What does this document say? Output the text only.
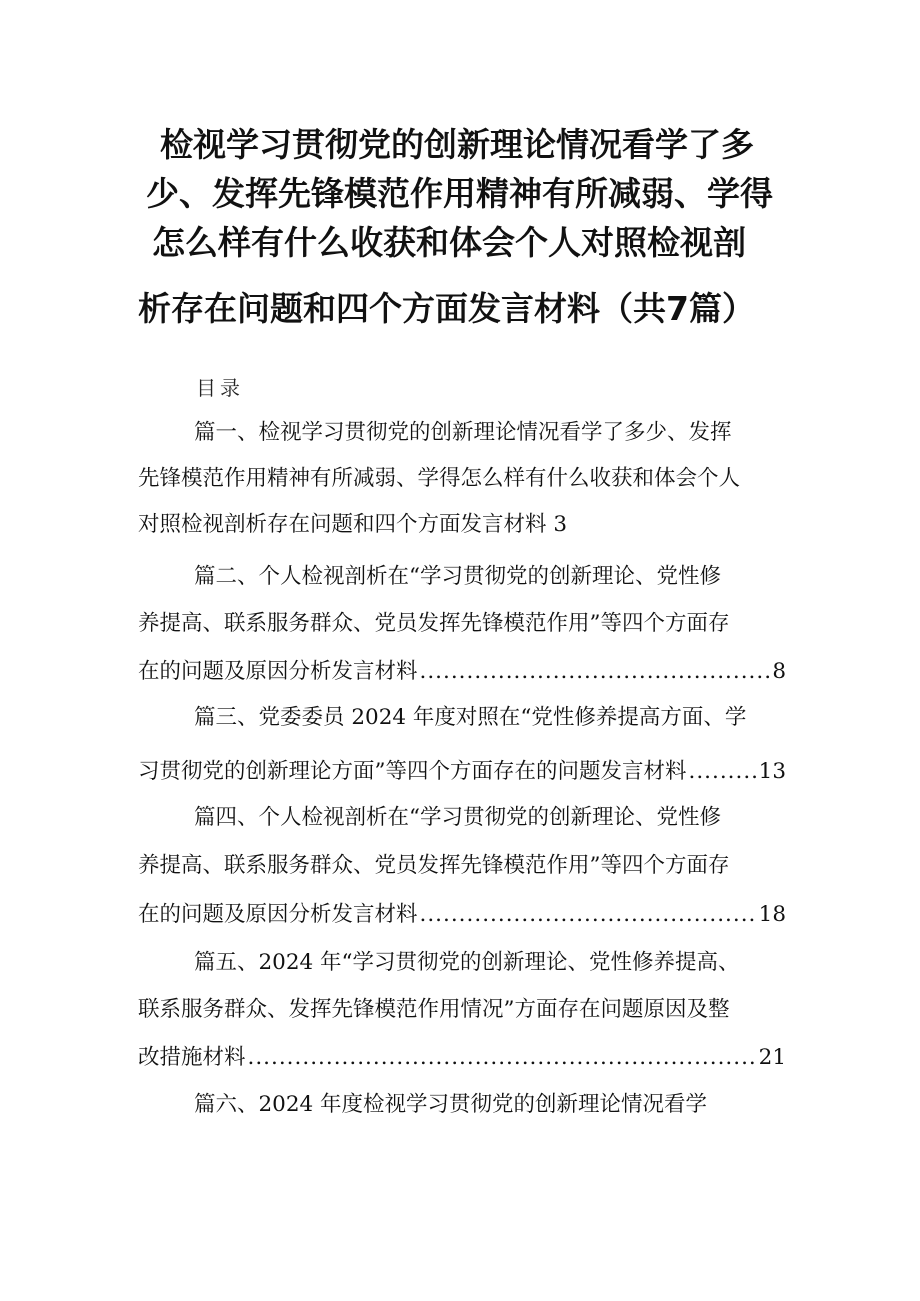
检视学习贯彻党的创新理论情况看学了多
少、发挥先锋模范作用精神有所减弱、学得
怎么样有什么收获和体会个人对照检视剖
析存在问题和四个方面发言材料（共7篇）
目录
篇一、检视学习贯彻党的创新理论情况看学了多少、发挥
先锋模范作用精神有所减弱、学得怎么样有什么收获和体会个人
对照检视剖析存在问题和四个方面发言材料 3
篇二、个人检视剖析在“学习贯彻党的创新理论、党性修
养提高、联系服务群众、党员发挥先锋模范作用”等四个方面存
在的问题及原因分析发言材料 .....	8
篇三、党委委员 2024 年度对照在“党性修养提高方面、学
习贯彻党的创新理论方面”等四个方面存在的问题发言材料 .....	13
篇四、个人检视剖析在“学习贯彻党的创新理论、党性修
养提高、联系服务群众、党员发挥先锋模范作用”等四个方面存
在的问题及原因分析发言材料 .....	18
篇五、2024 年“学习贯彻党的创新理论、党性修养提高、
联系服务群众、发挥先锋模范作用情况”方面存在问题原因及整
改措施材料 .....	21
篇六、2024 年度检视学习贯彻党的创新理论情况看学
